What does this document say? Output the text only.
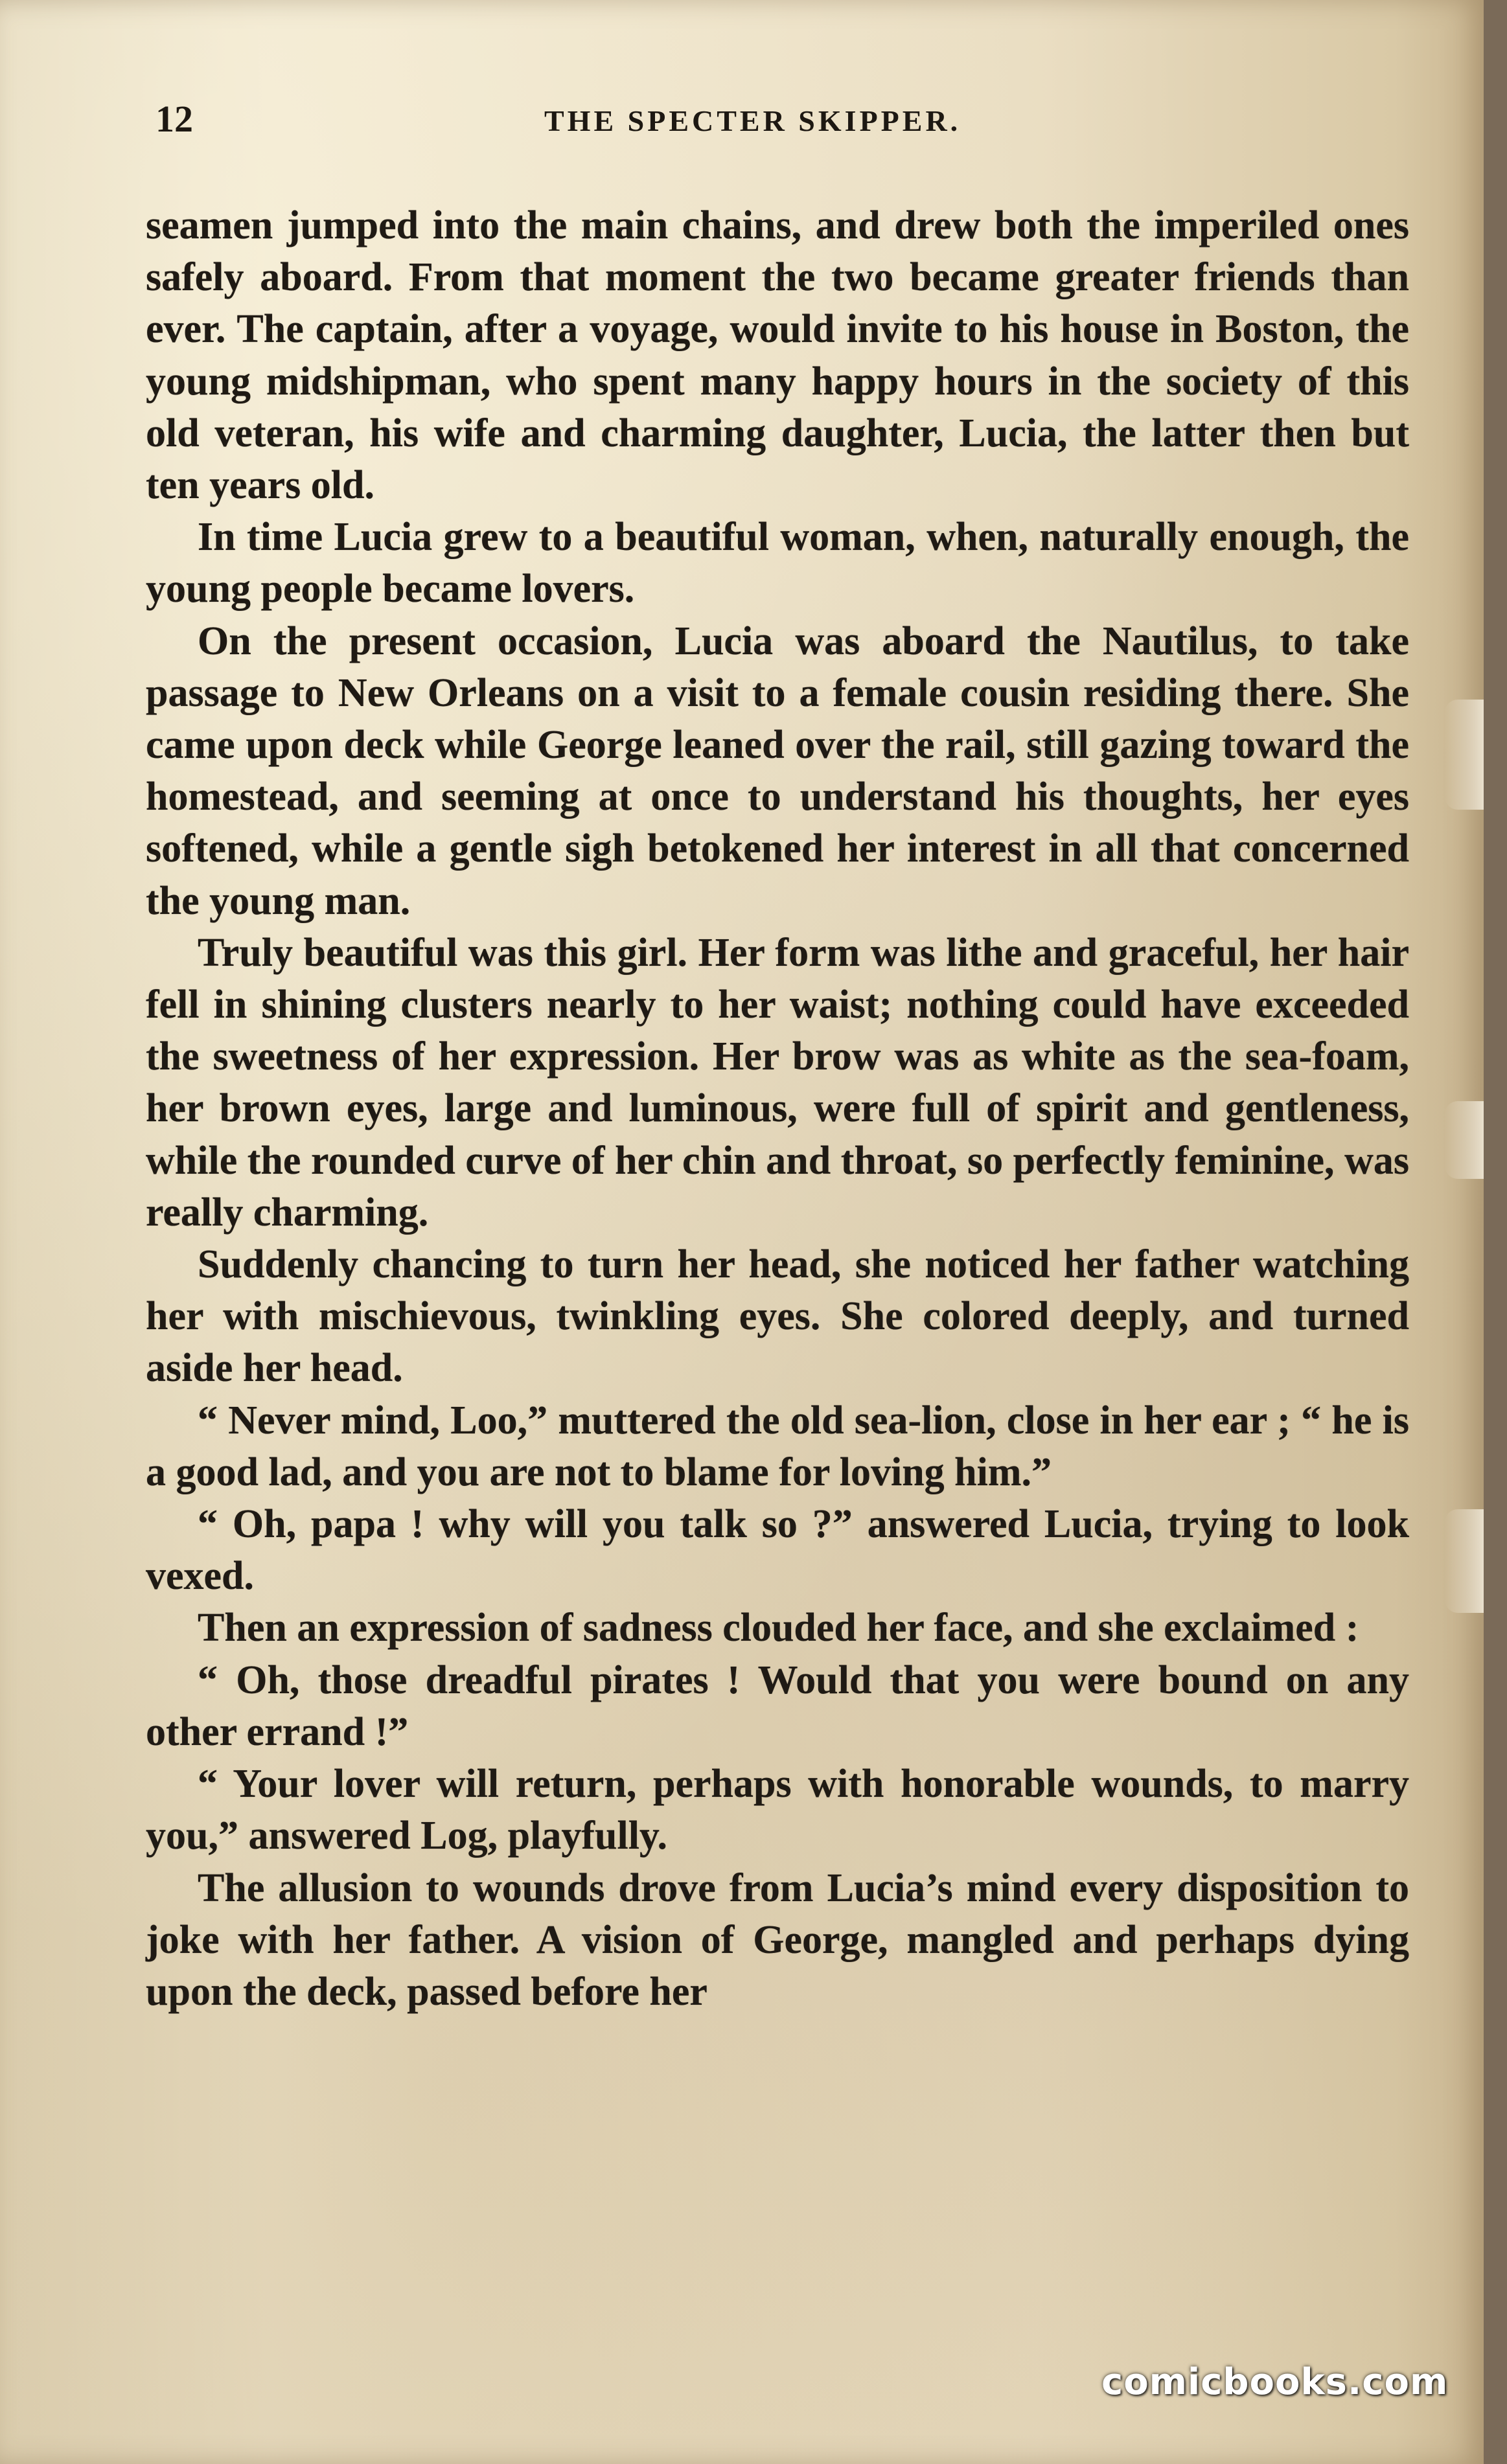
12	THE SPECTER SKIPPER.

seamen jumped into the main chains, and drew both the imperiled ones safely aboard. From that moment the two became greater friends than ever. The captain, after a voyage, would invite to his house in Boston, the young midshipman, who spent many happy hours in the society of this old veteran, his wife and charming daughter, Lucia, the latter then but ten years old.

In time Lucia grew to a beautiful woman, when, naturally enough, the young people became lovers.

On the present occasion, Lucia was aboard the Nautilus, to take passage to New Orleans on a visit to a female cousin residing there. She came upon deck while George leaned over the rail, still gazing toward the homestead, and seeming at once to understand his thoughts, her eyes softened, while a gentle sigh betokened her interest in all that concerned the young man.

Truly beautiful was this girl. Her form was lithe and graceful, her hair fell in shining clusters nearly to her waist; nothing could have exceeded the sweetness of her expression. Her brow was as white as the sea-foam, her brown eyes, large and luminous, were full of spirit and gentleness, while the rounded curve of her chin and throat, so perfectly feminine, was really charming.

Suddenly chancing to turn her head, she noticed her father watching her with mischievous, twinkling eyes. She colored deeply, and turned aside her head.

“ Never mind, Loo,” muttered the old sea-lion, close in her ear ; “ he is a good lad, and you are not to blame for loving him.”

“ Oh, papa ! why will you talk so ?” answered Lucia, trying to look vexed.

Then an expression of sadness clouded her face, and she exclaimed :

“ Oh, those dreadful pirates ! Would that you were bound on any other errand !”

“ Your lover will return, perhaps with honorable wounds, to marry you,” answered Log, playfully.

The allusion to wounds drove from Lucia’s mind every disposition to joke with her father. A vision of George, mangled and perhaps dying upon the deck, passed before her

comicbooks.com
